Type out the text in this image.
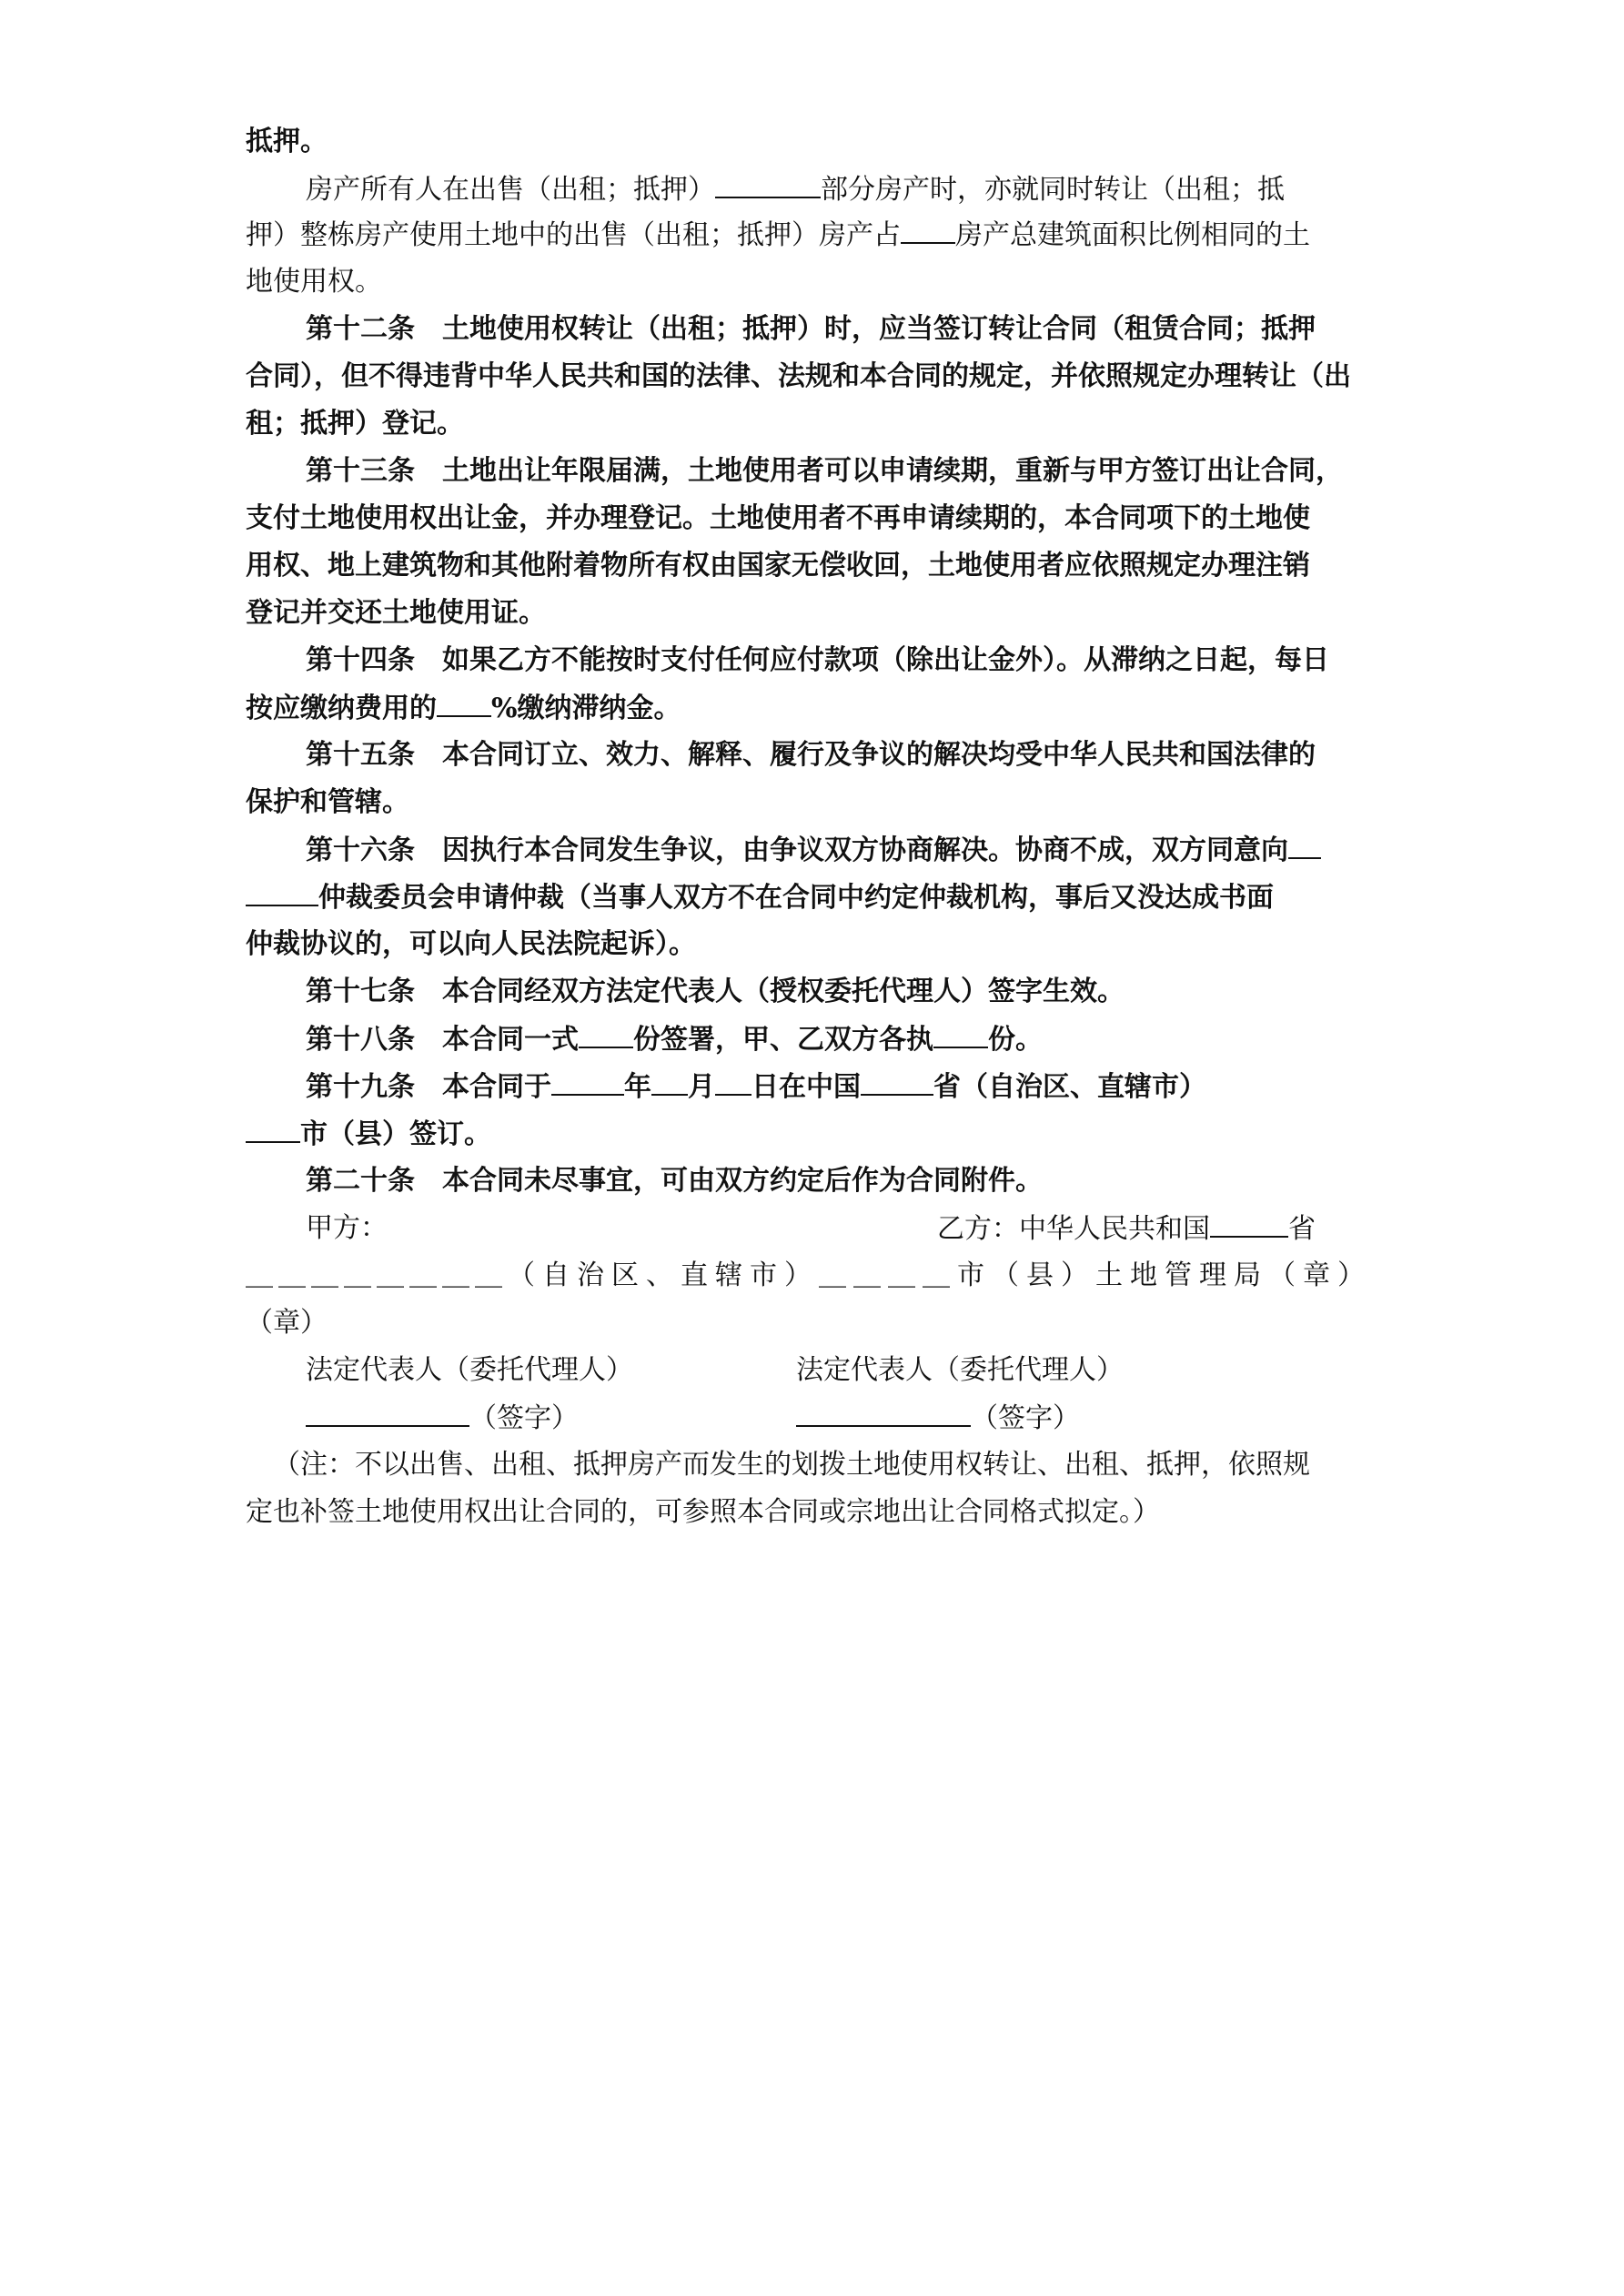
抵押。
房产所有人在出售（出租；抵押）	部分房产时，亦就同时转让（出租；抵
押）整栋房产使用土地中的出售（出租；抵押）房产占 房产总建筑面积比例相同的土
地使用权。
第十二条　土地使用权转让（出租；抵押）时，应当签订转让合同（租赁合同；抵押
合同），但不得违背中华人民共和国的法律、法规和本合同的规定，并依照规定办理转让（出
租；抵押）登记。
第十三条　土地出让年限届满，土地使用者可以申请续期，重新与甲方签订出让合同，
支付土地使用权出让金，并办理登记。土地使用者不再申请续期的，本合同项下的土地使
用权、地上建筑物和其他附着物所有权由国家无偿收回，土地使用者应依照规定办理注销
登记并交还土地使用证。
第十四条　如果乙方不能按时支付任何应付款项（除出让金外）。从滞纳之日起，每日
按应缴纳费用的 %缴纳滞纳金。
第十五条　本合同订立、效力、解释、履行及争议的解决均受中华人民共和国法律的
保护和管辖。
第十六条　因执行本合同发生争议，由争议双方协商解决。协商不成，双方同意向
仲裁委员会申请仲裁（当事人双方不在合同中约定仲裁机构，事后又没达成书面
仲裁协议的，可以向人民法院起诉）。
第十七条　本合同经双方法定代表人（授权委托代理人）签字生效。
第十八条　本合同一式 份签署，甲、乙双方各执 份。
第十九条　本合同于	年 月 日在中国	省（自治区、直辖市）
市（县）签订。
第二十条　本合同未尽事宜，可由双方约定后作为合同附件。
甲方：	乙方：中华人民共和国	省
＿＿＿＿＿＿＿＿（自治区、直辖市）＿＿＿＿市（县）土地管理局（章）
（章）
法定代表人（委托代理人）	法定代表人（委托代理人）
（签字）	（签字）
（注：不以出售、出租、抵押房产而发生的划拨土地使用权转让、出租、抵押，依照规
定也补签土地使用权出让合同的，可参照本合同或宗地出让合同格式拟定。）
